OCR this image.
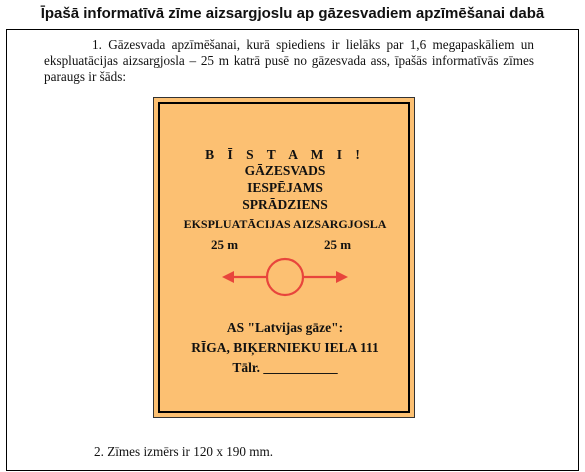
Īpašā informatīvā zīme aizsargjoslu ap gāzesvadiem apzīmēšanai dabā
1. Gāzesvada apzīmēšanai, kurā spiediens ir lielāks par 1,6 megapaskāliem un ekspluatācijas aizsargjosla – 25 m katrā pusē no gāzesvada ass, īpašās informatīvās zīmes paraugs ir šāds:
B Ī S T A M I !
GĀZESVADS
IESPĒJAMS
SPRĀDZIENS
EKSPLUATĀCIJAS AIZSARGJOSLA
25 m	25 m
AS "Latvijas gāze":
RĪGA, BIĶERNIEKU IELA 111
Tālr. ___________
2. Zīmes izmērs ir 120 x 190 mm.
